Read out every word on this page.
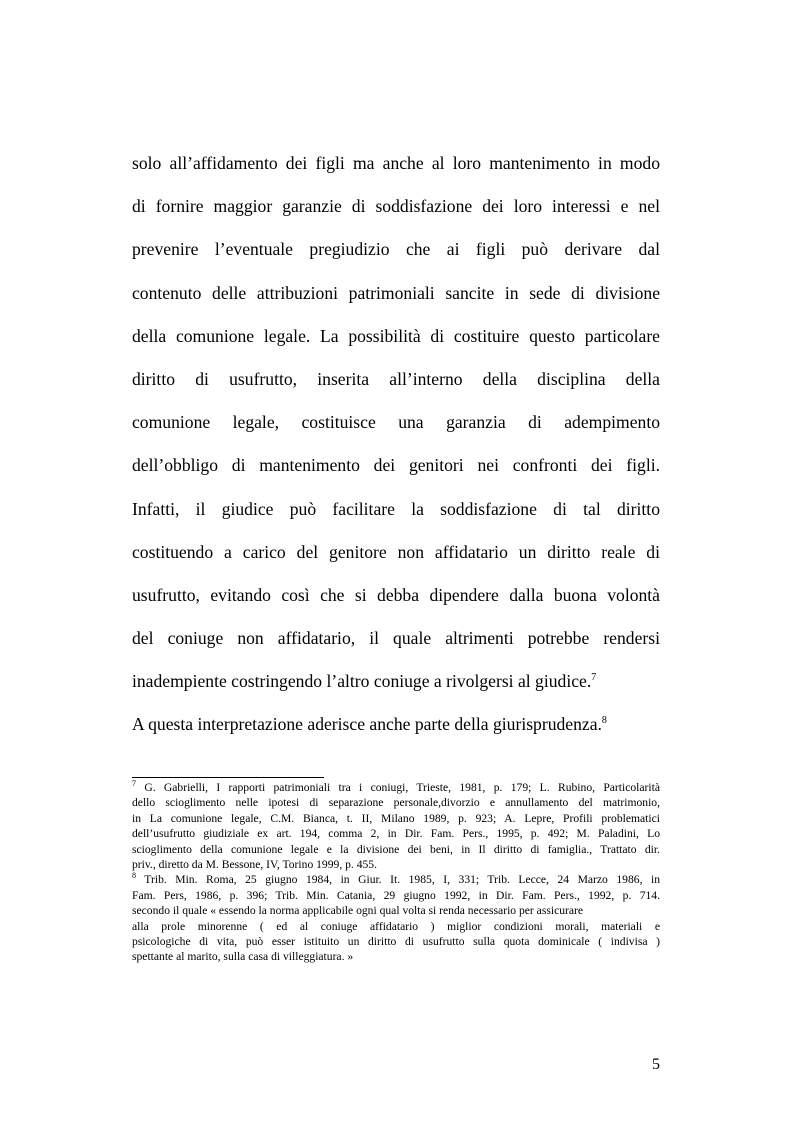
solo all’affidamento dei figli ma anche al loro mantenimento in modo
di fornire maggior garanzie di soddisfazione dei loro interessi e nel
prevenire l’eventuale pregiudizio che ai figli può derivare dal
contenuto delle attribuzioni patrimoniali sancite in sede di divisione
della comunione legale. La possibilità di costituire questo particolare
diritto di usufrutto, inserita all’interno della disciplina della
comunione legale, costituisce una garanzia di adempimento
dell’obbligo di mantenimento dei genitori nei confronti dei figli.
Infatti, il giudice può facilitare la soddisfazione di tal diritto
costituendo a carico del genitore non affidatario un diritto reale di
usufrutto, evitando così che si debba dipendere dalla buona volontà
del coniuge non affidatario, il quale altrimenti potrebbe rendersi
inadempiente costringendo l’altro coniuge a rivolgersi al giudice.$^7$
A questa interpretazione aderisce anche parte della giurisprudenza.$^8$
$^7$ G. Gabrielli, I rapporti patrimoniali tra i coniugi, Trieste, 1981, p. 179; L. Rubino, Particolarità
dello scioglimento nelle ipotesi di separazione personale,divorzio e annullamento del matrimonio,
in La comunione legale, C.M. Bianca, t. II, Milano 1989, p. 923; A. Lepre, Profili problematici
dell’usufrutto giudiziale ex art. 194, comma 2, in Dir. Fam. Pers., 1995, p. 492; M. Paladini, Lo
scioglimento della comunione legale e la divisione dei beni, in Il diritto di famiglia., Trattato dir.
priv., diretto da M. Bessone, IV, Torino 1999, p. 455.
$^8$ Trib. Min. Roma, 25 giugno 1984, in Giur. It. 1985, I, 331; Trib. Lecce, 24 Marzo 1986, in
Fam. Pers, 1986, p. 396; Trib. Min. Catania, 29 giugno 1992, in Dir. Fam. Pers., 1992, p. 714.
secondo il quale « essendo la norma applicabile ogni qual volta si renda necessario per assicurare
alla prole minorenne ( ed al coniuge affidatario ) miglior condizioni morali, materiali e
psicologiche di vita, può esser istituito un diritto di usufrutto sulla quota dominicale ( indivisa )
spettante al marito, sulla casa di villeggiatura. »
5
